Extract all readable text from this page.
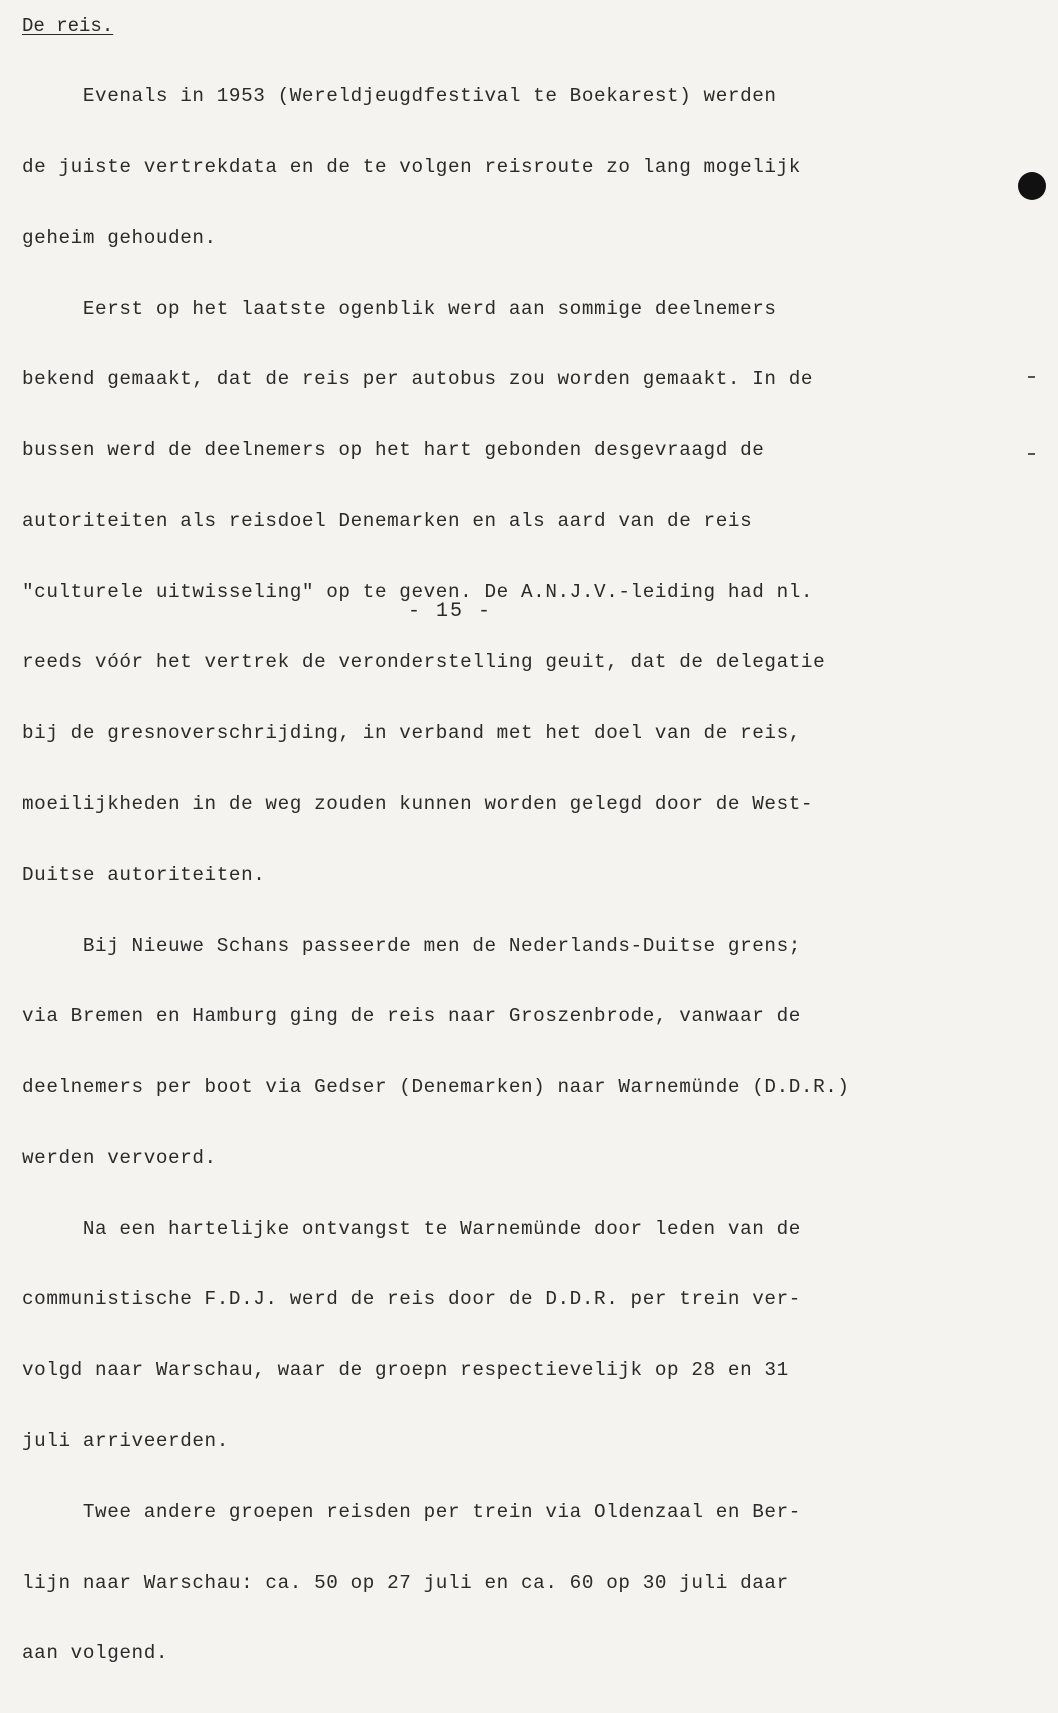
De reis.

Evenals in 1953 (Wereldjeugdfestival te Boekarest) werden

de juiste vertrekdata en de te volgen reisroute zo lang mogelijk

geheim gehouden.

Eerst op het laatste ogenblik werd aan sommige deelnemers

bekend gemaakt, dat de reis per autobus zou worden gemaakt. In de

bussen werd de deelnemers op het hart gebonden desgevraagd de

autoriteiten als reisdoel Denemarken en als aard van de reis

"culturele uitwisseling" op te geven. De A.N.J.V.-leiding had nl.

reeds vóór het vertrek de veronderstelling geuit, dat de delegatie

bij de gresnoverschrijding, in verband met het doel van de reis,

moeilijkheden in de weg zouden kunnen worden gelegd door de West-

Duitse autoriteiten.

Bij Nieuwe Schans passeerde men de Nederlands-Duitse grens;

via Bremen en Hamburg ging de reis naar Groszenbrode, vanwaar de

deelnemers per boot via Gedser (Denemarken) naar Warnemünde (D.D.R.)

werden vervoerd.

Na een hartelijke ontvangst te Warnemünde door leden van de

communistische F.D.J. werd de reis door de D.D.R. per trein ver-

volgd naar Warschau, waar de groepn respectievelijk op 28 en 31

juli arriveerden.

Twee andere groepen reisden per trein via Oldenzaal en Ber-

lijn naar Warschau: ca. 50 op 27 juli en ca. 60 op 30 juli daar

aan volgend.

- 15 -
